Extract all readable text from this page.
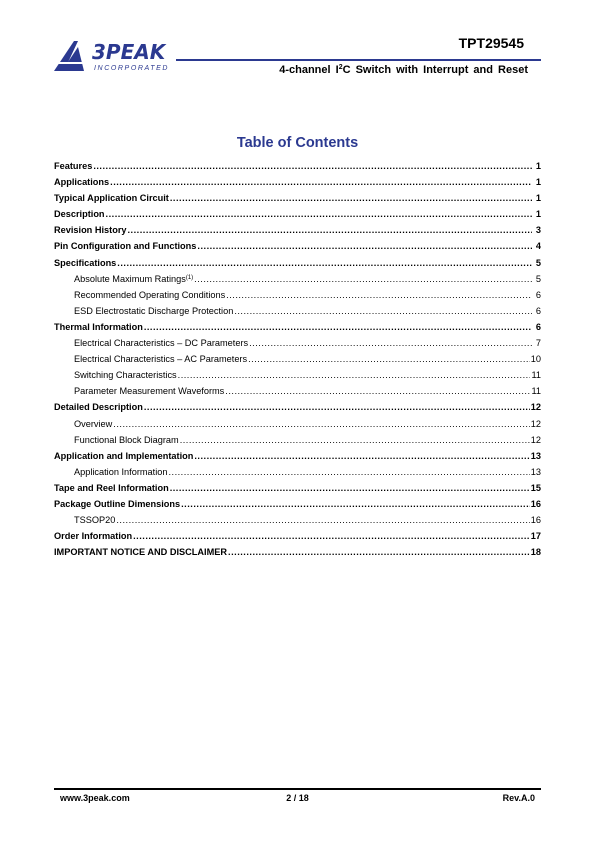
3PEAK
INCORPORATED
TPT29545
4-channel $I^2C$ Switch with Interrupt and Reset
Table of Contents
Features .....	1
Applications .....	1
Typical Application Circuit .....	1
Description .....	1
Revision History .....	3
Pin Configuration and Functions .....	4
Specifications .....	5
Absolute Maximum Ratings$^{(1)}$ .....	5
Recommended Operating Conditions .....	6
ESD Electrostatic Discharge Protection .....	6
Thermal Information .....	6
Electrical Characteristics – DC Parameters .....	7
Electrical Characteristics – AC Parameters .....	10
Switching Characteristics .....	11
Parameter Measurement Waveforms .....	11
Detailed Description .....	12
Overview .....	12
Functional Block Diagram .....	12
Application and Implementation .....	13
Application Information .....	13
Tape and Reel Information .....	15
Package Outline Dimensions .....	16
TSSOP20 .....	16
Order Information .....	17
IMPORTANT NOTICE AND DISCLAIMER .....	18
www.3peak.com	2 / 18	Rev.A.0
